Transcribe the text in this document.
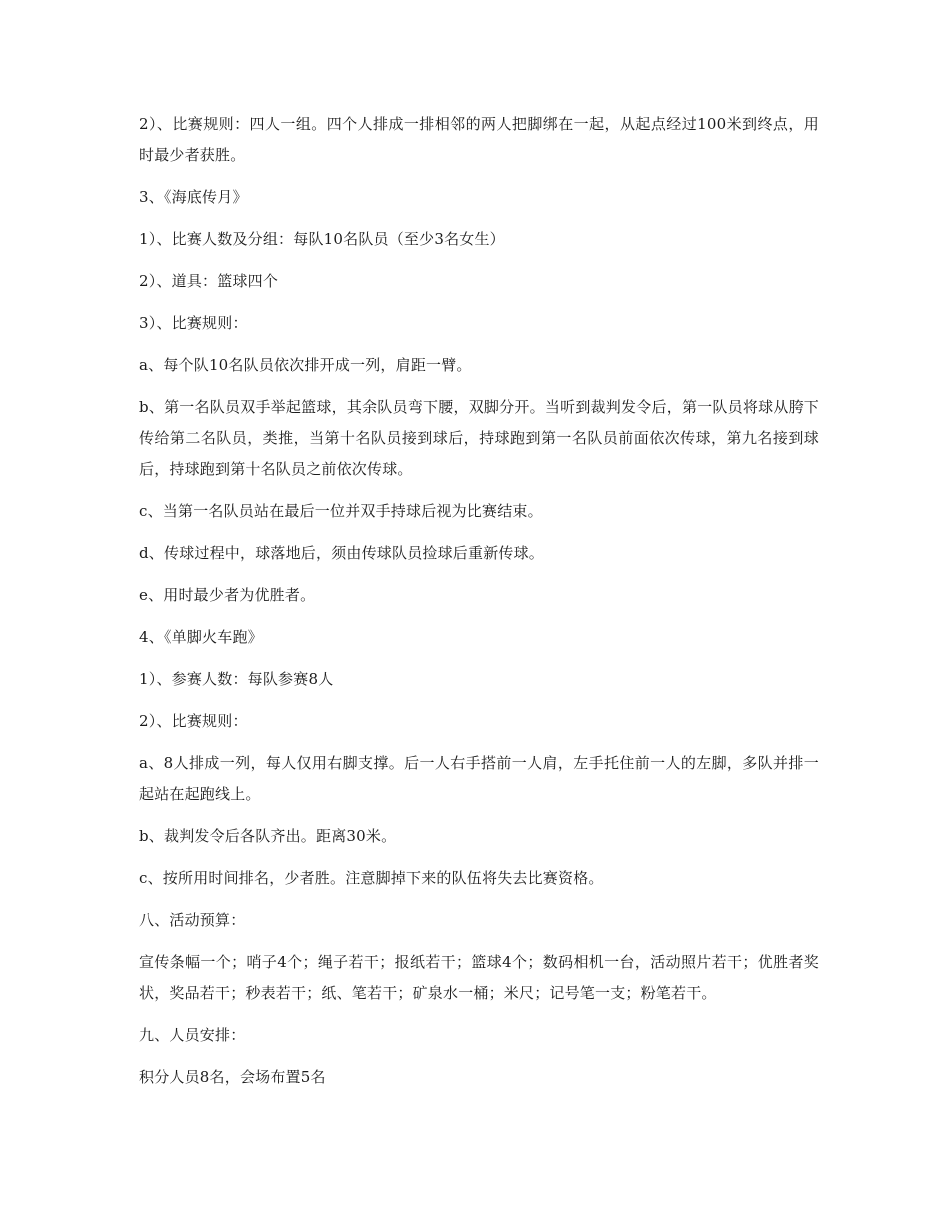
2）、比赛规则：四人一组。四个人排成一排相邻的两人把脚绑在一起，从起点经过100米到终点，用时最少者获胜。

3、《海底传月》

1）、比赛人数及分组：每队10名队员（至少3名女生）

2）、道具：篮球四个

3）、比赛规则：

a、每个队10名队员依次排开成一列，肩距一臂。

b、第一名队员双手举起篮球，其余队员弯下腰，双脚分开。当听到裁判发令后，第一队员将球从胯下传给第二名队员，类推，当第十名队员接到球后，持球跑到第一名队员前面依次传球，第九名接到球后，持球跑到第十名队员之前依次传球。

c、当第一名队员站在最后一位并双手持球后视为比赛结束。

d、传球过程中，球落地后，须由传球队员捡球后重新传球。

e、用时最少者为优胜者。

4、《单脚火车跑》

1）、参赛人数：每队参赛8人

2）、比赛规则：

a、8人排成一列，每人仅用右脚支撑。后一人右手搭前一人肩，左手托住前一人的左脚，多队并排一起站在起跑线上。

b、裁判发令后各队齐出。距离30米。

c、按所用时间排名，少者胜。注意脚掉下来的队伍将失去比赛资格。

八、活动预算：

宣传条幅一个；哨子4个；绳子若干；报纸若干；篮球4个；数码相机一台，活动照片若干；优胜者奖状，奖品若干；秒表若干；纸、笔若干；矿泉水一桶；米尺；记号笔一支；粉笔若干。

九、人员安排：

积分人员8名，会场布置5名
